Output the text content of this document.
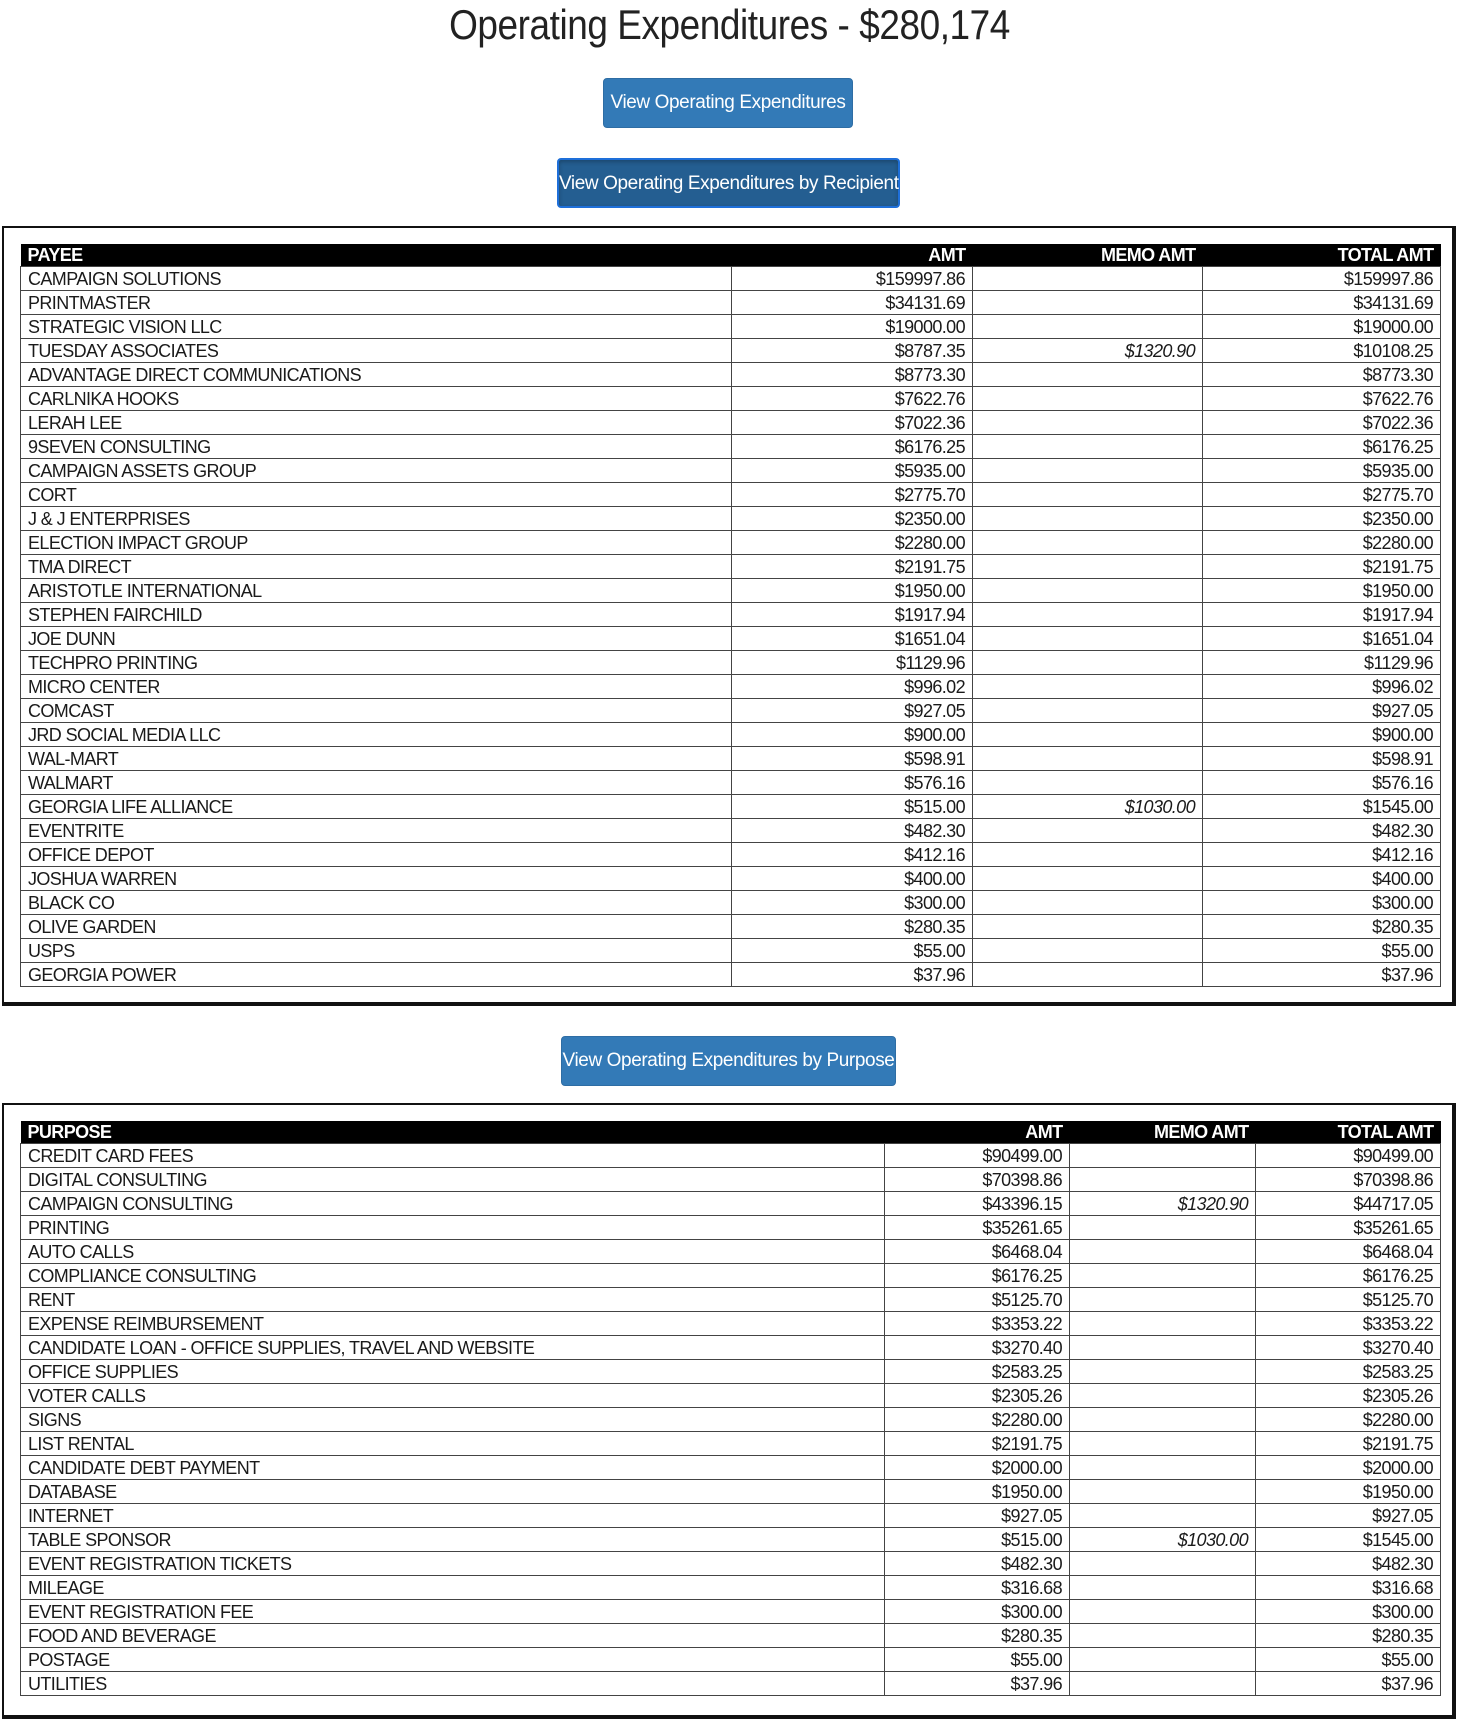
Operating Expenditures - $280,174
View Operating Expenditures
View Operating Expenditures by Recipient
PAYEE	AMT	MEMO AMT	TOTAL AMT
CAMPAIGN SOLUTIONS	$159997.86		$159997.86
PRINTMASTER	$34131.69		$34131.69
STRATEGIC VISION LLC	$19000.00		$19000.00
TUESDAY ASSOCIATES	$8787.35	$1320.90	$10108.25
ADVANTAGE DIRECT COMMUNICATIONS	$8773.30		$8773.30
CARLNIKA HOOKS	$7622.76		$7622.76
LERAH LEE	$7022.36		$7022.36
9SEVEN CONSULTING	$6176.25		$6176.25
CAMPAIGN ASSETS GROUP	$5935.00		$5935.00
CORT	$2775.70		$2775.70
J & J ENTERPRISES	$2350.00		$2350.00
ELECTION IMPACT GROUP	$2280.00		$2280.00
TMA DIRECT	$2191.75		$2191.75
ARISTOTLE INTERNATIONAL	$1950.00		$1950.00
STEPHEN FAIRCHILD	$1917.94		$1917.94
JOE DUNN	$1651.04		$1651.04
TECHPRO PRINTING	$1129.96		$1129.96
MICRO CENTER	$996.02		$996.02
COMCAST	$927.05		$927.05
JRD SOCIAL MEDIA LLC	$900.00		$900.00
WAL-MART	$598.91		$598.91
WALMART	$576.16		$576.16
GEORGIA LIFE ALLIANCE	$515.00	$1030.00	$1545.00
EVENTRITE	$482.30		$482.30
OFFICE DEPOT	$412.16		$412.16
JOSHUA WARREN	$400.00		$400.00
BLACK CO	$300.00		$300.00
OLIVE GARDEN	$280.35		$280.35
USPS	$55.00		$55.00
GEORGIA POWER	$37.96		$37.96
View Operating Expenditures by Purpose
PURPOSE	AMT	MEMO AMT	TOTAL AMT
CREDIT CARD FEES	$90499.00		$90499.00
DIGITAL CONSULTING	$70398.86		$70398.86
CAMPAIGN CONSULTING	$43396.15	$1320.90	$44717.05
PRINTING	$35261.65		$35261.65
AUTO CALLS	$6468.04		$6468.04
COMPLIANCE CONSULTING	$6176.25		$6176.25
RENT	$5125.70		$5125.70
EXPENSE REIMBURSEMENT	$3353.22		$3353.22
CANDIDATE LOAN - OFFICE SUPPLIES, TRAVEL AND WEBSITE	$3270.40		$3270.40
OFFICE SUPPLIES	$2583.25		$2583.25
VOTER CALLS	$2305.26		$2305.26
SIGNS	$2280.00		$2280.00
LIST RENTAL	$2191.75		$2191.75
CANDIDATE DEBT PAYMENT	$2000.00		$2000.00
DATABASE	$1950.00		$1950.00
INTERNET	$927.05		$927.05
TABLE SPONSOR	$515.00	$1030.00	$1545.00
EVENT REGISTRATION TICKETS	$482.30		$482.30
MILEAGE	$316.68		$316.68
EVENT REGISTRATION FEE	$300.00		$300.00
FOOD AND BEVERAGE	$280.35		$280.35
POSTAGE	$55.00		$55.00
UTILITIES	$37.96		$37.96
